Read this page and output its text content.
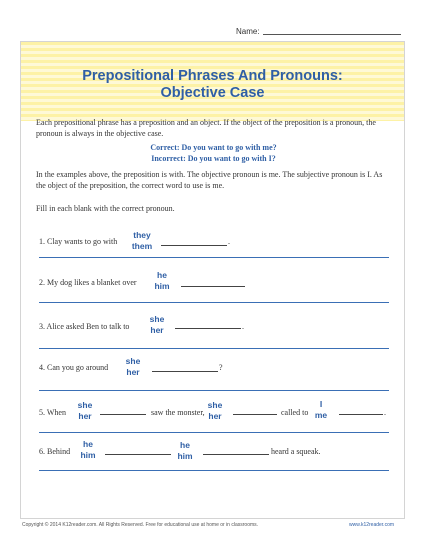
Name:
Prepositional Phrases And Pronouns:
Objective Case
Each prepositional phrase has a preposition and an object. If the object of the preposition is a pronoun, the pronoun is always in the objective case.
Correct: Do you want to go with me?
Incorrect: Do you want to go with I?
In the examples above, the preposition is with. The objective pronoun is me. The subjective pronoun is I. As the object of the preposition, the correct word to use is me.
Fill in each blank with the correct pronoun.
1. Clay wants to go with
they
them	.
2. My dog likes a blanket over
he
him
3. Alice asked Ben to talk to
she
her	.
4. Can you go around
she
her	?
5. When
she
her	saw the monster,
she
her	called to
I
me	.
6. Behind
he
him
he
him	heard a squeak.
Copyright © 2014 K12reader.com. All Rights Reserved. Free for educational use at home or in classrooms.	www.k12reader.com
